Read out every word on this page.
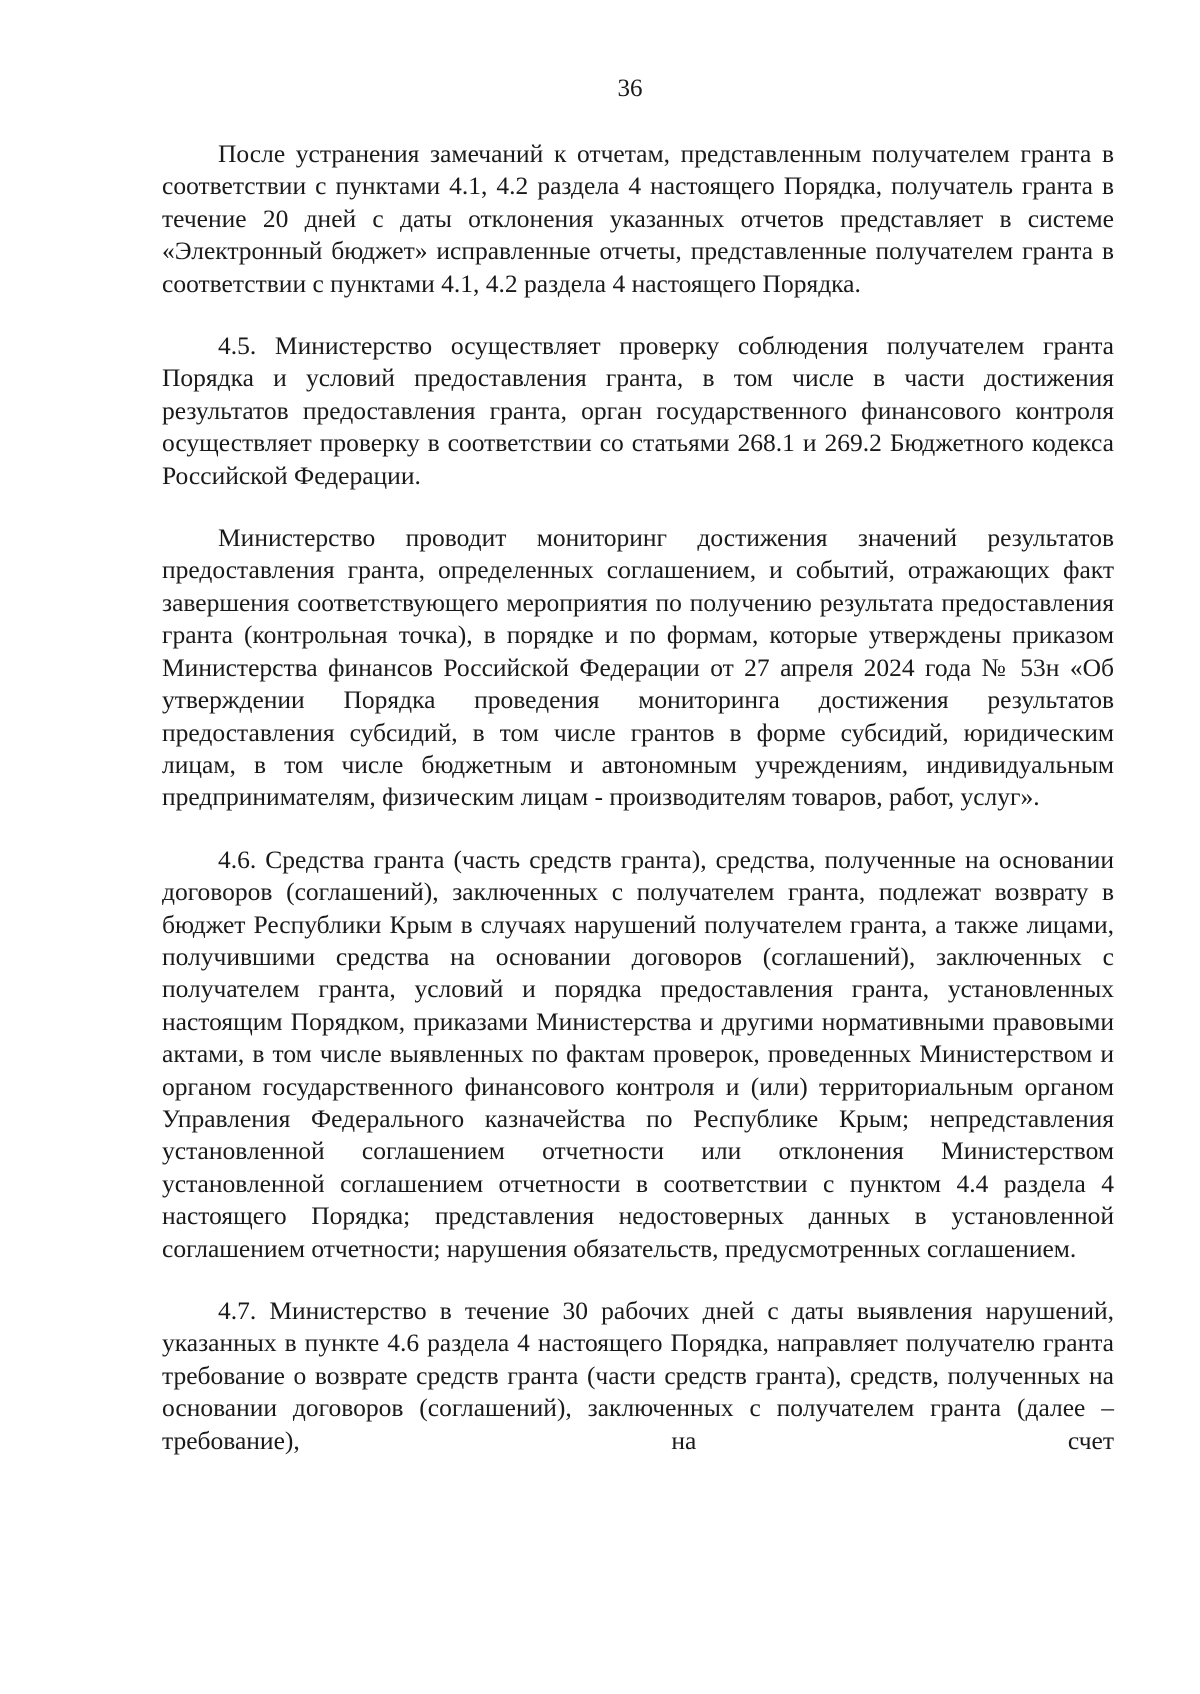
36

После устранения замечаний к отчетам, представленным получателем гранта в соответствии с пунктами 4.1, 4.2 раздела 4 настоящего Порядка, получатель гранта в течение 20 дней с даты отклонения указанных отчетов представляет в системе «Электронный бюджет» исправленные отчеты, представленные получателем гранта в соответствии с пунктами 4.1, 4.2 раздела 4 настоящего Порядка.

4.5. Министерство осуществляет проверку соблюдения получателем гранта Порядка и условий предоставления гранта, в том числе в части достижения результатов предоставления гранта, орган государственного финансового контроля осуществляет проверку в соответствии со статьями 268.1 и 269.2 Бюджетного кодекса Российской Федерации.

Министерство проводит мониторинг достижения значений результатов предоставления гранта, определенных соглашением, и событий, отражающих факт завершения соответствующего мероприятия по получению результата предоставления гранта (контрольная точка), в порядке и по формам, которые утверждены приказом Министерства финансов Российской Федерации от 27 апреля 2024 года № 53н «Об утверждении Порядка проведения мониторинга достижения результатов предоставления субсидий, в том числе грантов в форме субсидий, юридическим лицам, в том числе бюджетным и автономным учреждениям, индивидуальным предпринимателям, физическим лицам - производителям товаров, работ, услуг».

4.6. Средства гранта (часть средств гранта), средства, полученные на основании договоров (соглашений), заключенных с получателем гранта, подлежат возврату в бюджет Республики Крым в случаях нарушений получателем гранта, а также лицами, получившими средства на основании договоров (соглашений), заключенных с получателем гранта, условий и порядка предоставления гранта, установленных настоящим Порядком, приказами Министерства и другими нормативными правовыми актами, в том числе выявленных по фактам проверок, проведенных Министерством и органом государственного финансового контроля и (или) территориальным органом Управления Федерального казначейства по Республике Крым; непредставления установленной соглашением отчетности или отклонения Министерством установленной соглашением отчетности в соответствии с пунктом 4.4 раздела 4 настоящего Порядка; представления недостоверных данных в установленной соглашением отчетности; нарушения обязательств, предусмотренных соглашением.

4.7. Министерство в течение 30 рабочих дней с даты выявления нарушений, указанных в пункте 4.6 раздела 4 настоящего Порядка, направляет получателю гранта требование о возврате средств гранта (части средств гранта), средств, полученных на основании договоров (соглашений), заключенных с получателем гранта (далее – требование), на счет
